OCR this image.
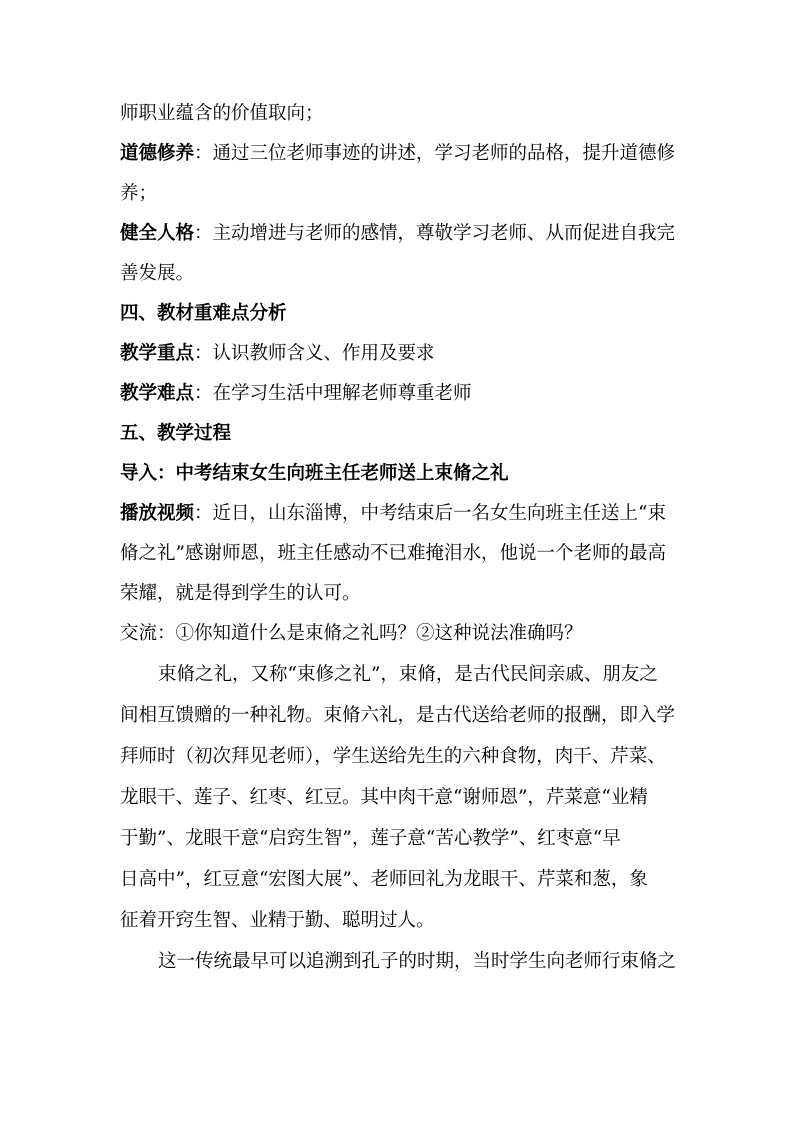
师职业蕴含的价值取向；
道德修养：通过三位老师事迹的讲述，学习老师的品格，提升道德修
养；
健全人格：主动增进与老师的感情，尊敬学习老师、从而促进自我完
善发展。
四、教材重难点分析
教学重点：认识教师含义、作用及要求
教学难点：在学习生活中理解老师尊重老师
五、教学过程
导入：中考结束女生向班主任老师送上束脩之礼
播放视频：近日，山东淄博，中考结束后一名女生向班主任送上“束
脩之礼”感谢师恩，班主任感动不已难掩泪水，他说一个老师的最高
荣耀，就是得到学生的认可。
交流：①你知道什么是束脩之礼吗？②这种说法准确吗？
束脩之礼，又称“束修之礼”，束脩，是古代民间亲戚、朋友之
间相互馈赠的一种礼物。束脩六礼，是古代送给老师的报酬，即入学
拜师时（初次拜见老师），学生送给先生的六种食物，肉干、芹菜、
龙眼干、莲子、红枣、红豆。其中肉干意“谢师恩”，芹菜意“业精
于勤”、龙眼干意“启窍生智”，莲子意“苦心教学”、红枣意“早
日高中”，红豆意“宏图大展”、老师回礼为龙眼干、芹菜和葱，象
征着开窍生智、业精于勤、聪明过人。
这一传统最早可以追溯到孔子的时期，当时学生向老师行束脩之
